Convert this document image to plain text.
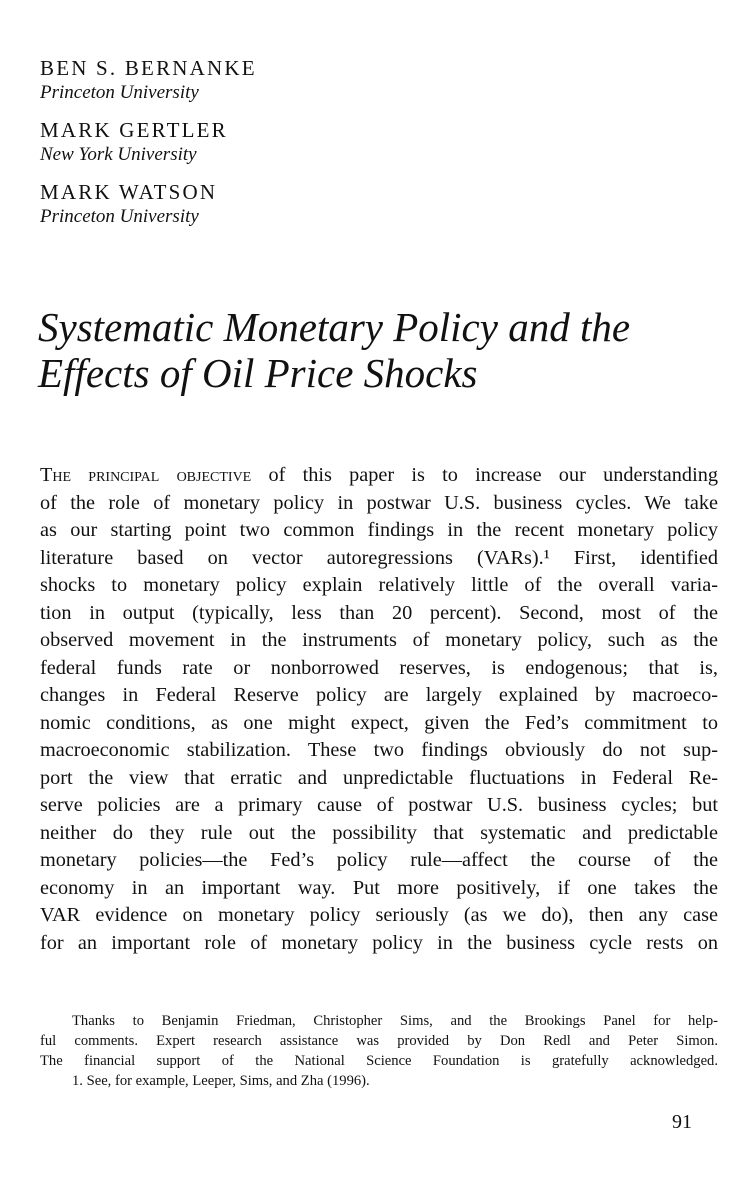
BEN S. BERNANKE
Princeton University
MARK GERTLER
New York University
MARK WATSON
Princeton University
Systematic Monetary Policy and the
Effects of Oil Price Shocks
The principal objective of this paper is to increase our understanding
of the role of monetary policy in postwar U.S. business cycles. We take
as our starting point two common findings in the recent monetary policy
literature based on vector autoregressions (VARs).¹ First, identified
shocks to monetary policy explain relatively little of the overall varia-
tion in output (typically, less than 20 percent). Second, most of the
observed movement in the instruments of monetary policy, such as the
federal funds rate or nonborrowed reserves, is endogenous; that is,
changes in Federal Reserve policy are largely explained by macroeco-
nomic conditions, as one might expect, given the Fed’s commitment to
macroeconomic stabilization. These two findings obviously do not sup-
port the view that erratic and unpredictable fluctuations in Federal Re-
serve policies are a primary cause of postwar U.S. business cycles; but
neither do they rule out the possibility that systematic and predictable
monetary policies—the Fed’s policy rule—affect the course of the
economy in an important way. Put more positively, if one takes the
VAR evidence on monetary policy seriously (as we do), then any case
for an important role of monetary policy in the business cycle rests on
Thanks to Benjamin Friedman, Christopher Sims, and the Brookings Panel for help-
ful comments. Expert research assistance was provided by Don Redl and Peter Simon.
The financial support of the National Science Foundation is gratefully acknowledged.
1. See, for example, Leeper, Sims, and Zha (1996).
91
